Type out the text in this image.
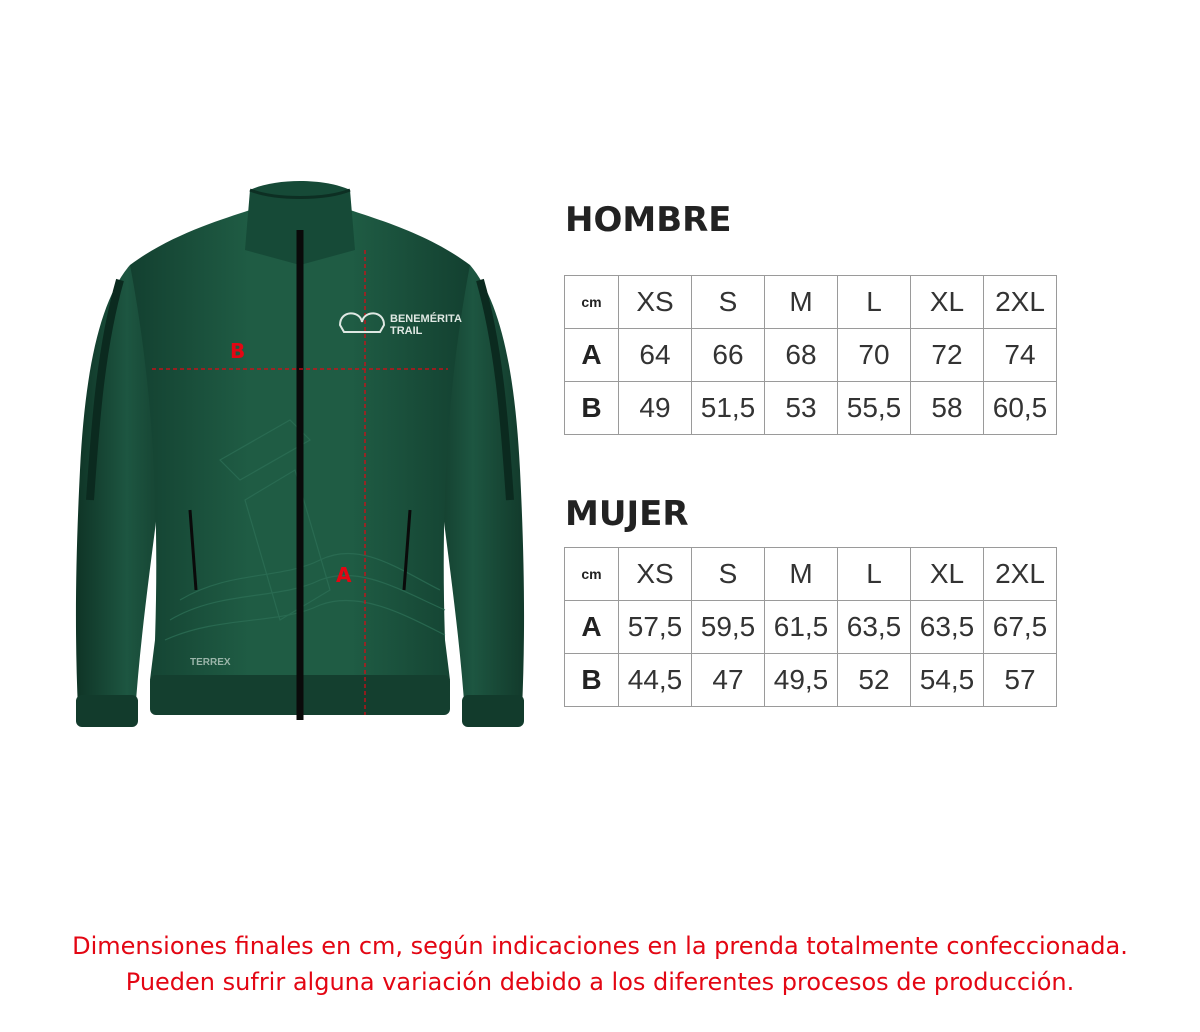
BENEMÉRITA
TRAIL
TERREX
B
A
HOMBRE
cm	XS	S	M	L	XL	2XL
A	64	66	68	70	72	74
B	49	51,5	53	55,5	58	60,5
MUJER
cm	XS	S	M	L	XL	2XL
A	57,5	59,5	61,5	63,5	63,5	67,5
B	44,5	47	49,5	52	54,5	57

Dimensiones finales en cm, según indicaciones en la prenda totalmente confeccionada.

Pueden sufrir alguna variación debido a los diferentes procesos de producción.
